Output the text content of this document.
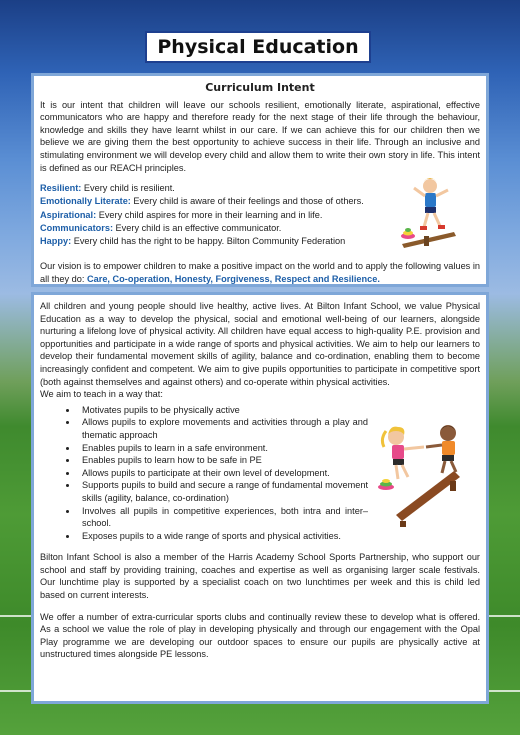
Physical Education
Curriculum Intent

It is our intent that children will leave our schools resilient, emotionally literate, aspirational, effective communicators who are happy and therefore ready for the next stage of their life through the behaviour, knowledge and skills they have learnt whilst in our care. If we can achieve this for our children then we believe we are giving them the best opportunity to achieve success in their life. Through an inclusive and stimulating environment we will develop every child and allow them to write their own story in life. This intent is defined as our REACH principles.

Resilient: Every child is resilient.
Emotionally Literate: Every child is aware of their feelings and those of others.
Aspirational: Every child aspires for more in their learning and in life.
Communicators: Every child is an effective communicator.
Happy: Every child has the right to be happy. Bilton Community Federation

Our vision is to empower children to make a positive impact on the world and to apply the following values in all they do: Care, Co-operation, Honesty, Forgiveness, Respect and Resilience.

All children and young people should live healthy, active lives. At Bilton Infant School, we value Physical Education as a way to develop the physical, social and emotional well-being of our learners, alongside nurturing a lifelong love of physical activity. All children have equal access to high-quality P.E. provision and opportunities and participate in a wide range of sports and physical activities. We aim to help our learners to develop their fundamental movement skills of agility, balance and co-ordination, enabling them to become increasingly confident and competent. We aim to give pupils opportunities to participate in competitive sport (both against themselves and against others) and co-operate within physical activities.

We aim to teach in a way that:
• Motivates pupils to be physically active
• Allows pupils to explore movements and activities through a play and thematic approach
• Enables pupils to learn in a safe environment.
• Enables pupils to learn how to be safe in PE
• Allows pupils to participate at their own level of development.
• Supports pupils to build and secure a range of fundamental movement skills (agility, balance, co-ordination)
• Involves all pupils in competitive experiences, both intra and inter–school.
• Exposes pupils to a wide range of sports and physical activities.

Bilton Infant School is also a member of the Harris Academy School Sports Partnership, who support our school and staff by providing training, coaches and expertise as well as organising larger scale festivals. Our lunchtime play is supported by a specialist coach on two lunchtimes per week and this is child led based on current interests.

We offer a number of extra-curricular sports clubs and continually review these to develop what is offered. As a school we value the role of play in developing physically and through our engagement with the Opal Play programme we are developing our outdoor spaces to ensure our pupils are physically active at unstructured times alongside PE lessons.
